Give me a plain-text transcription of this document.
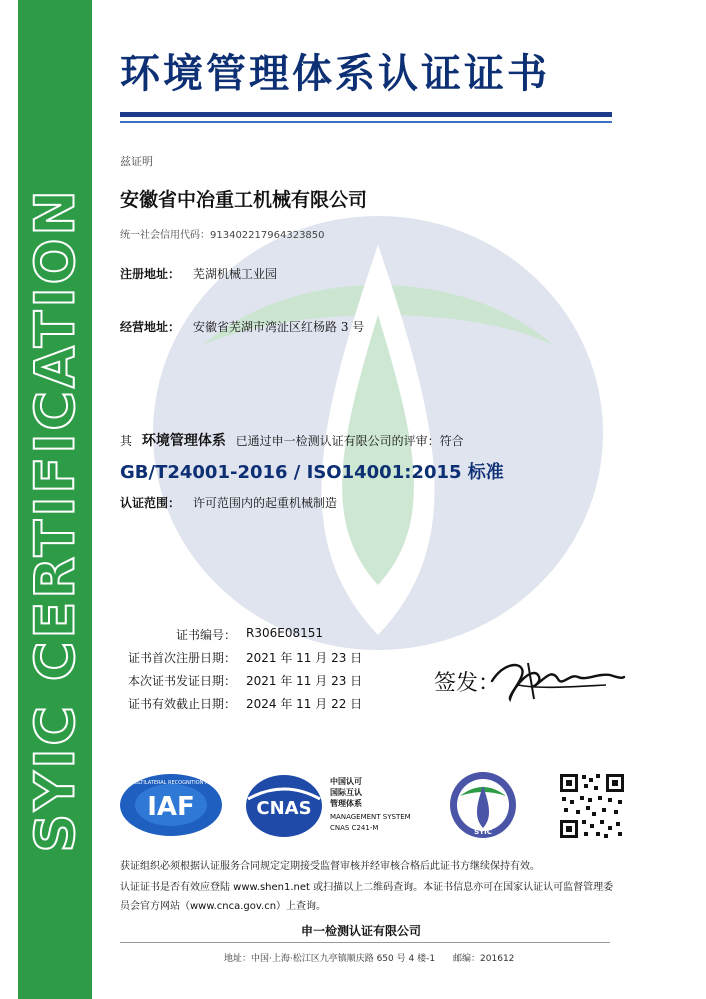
SYIC CERTIFICATION
环境管理体系认证证书
兹证明
安徽省中冶重工机械有限公司
统一社会信用代码：913402217964323850
注册地址： 芜湖机械工业园
经营地址： 安徽省芜湖市湾沚区红杨路 3 号
其 环境管理体系 已通过申一检测认证有限公司的评审：符合
GB/T24001-2016 / ISO14001:2015 标准
认证范围： 许可范围内的起重机械制造
证书编号： R306E08151
证书首次注册日期： 2021 年 11 月 23 日
本次证书发证日期： 2021 年 11 月 23 日
证书有效截止日期： 2024 年 11 月 22 日
签发：
IAF
MEMBER OF MULTILATERAL RECOGNITION ARRANGEMENT
CNAS
中国认可
国际互认
管理体系
MANAGEMENT SYSTEM
CNAS C241-M	SYIC
获证组织必须根据认证服务合同规定定期接受监督审核并经审核合格后此证书方继续保持有效。
认证证书是否有效应登陆 www.shen1.net 或扫描以上二维码查询。本证书信息亦可在国家认证认可监督管理委
员会官方网站（www.cnca.gov.cn）上查询。
申一检测认证有限公司
地址：中国·上海·松江区九亭镇顺庆路 650 号 4 楼-1　　邮编：201612
